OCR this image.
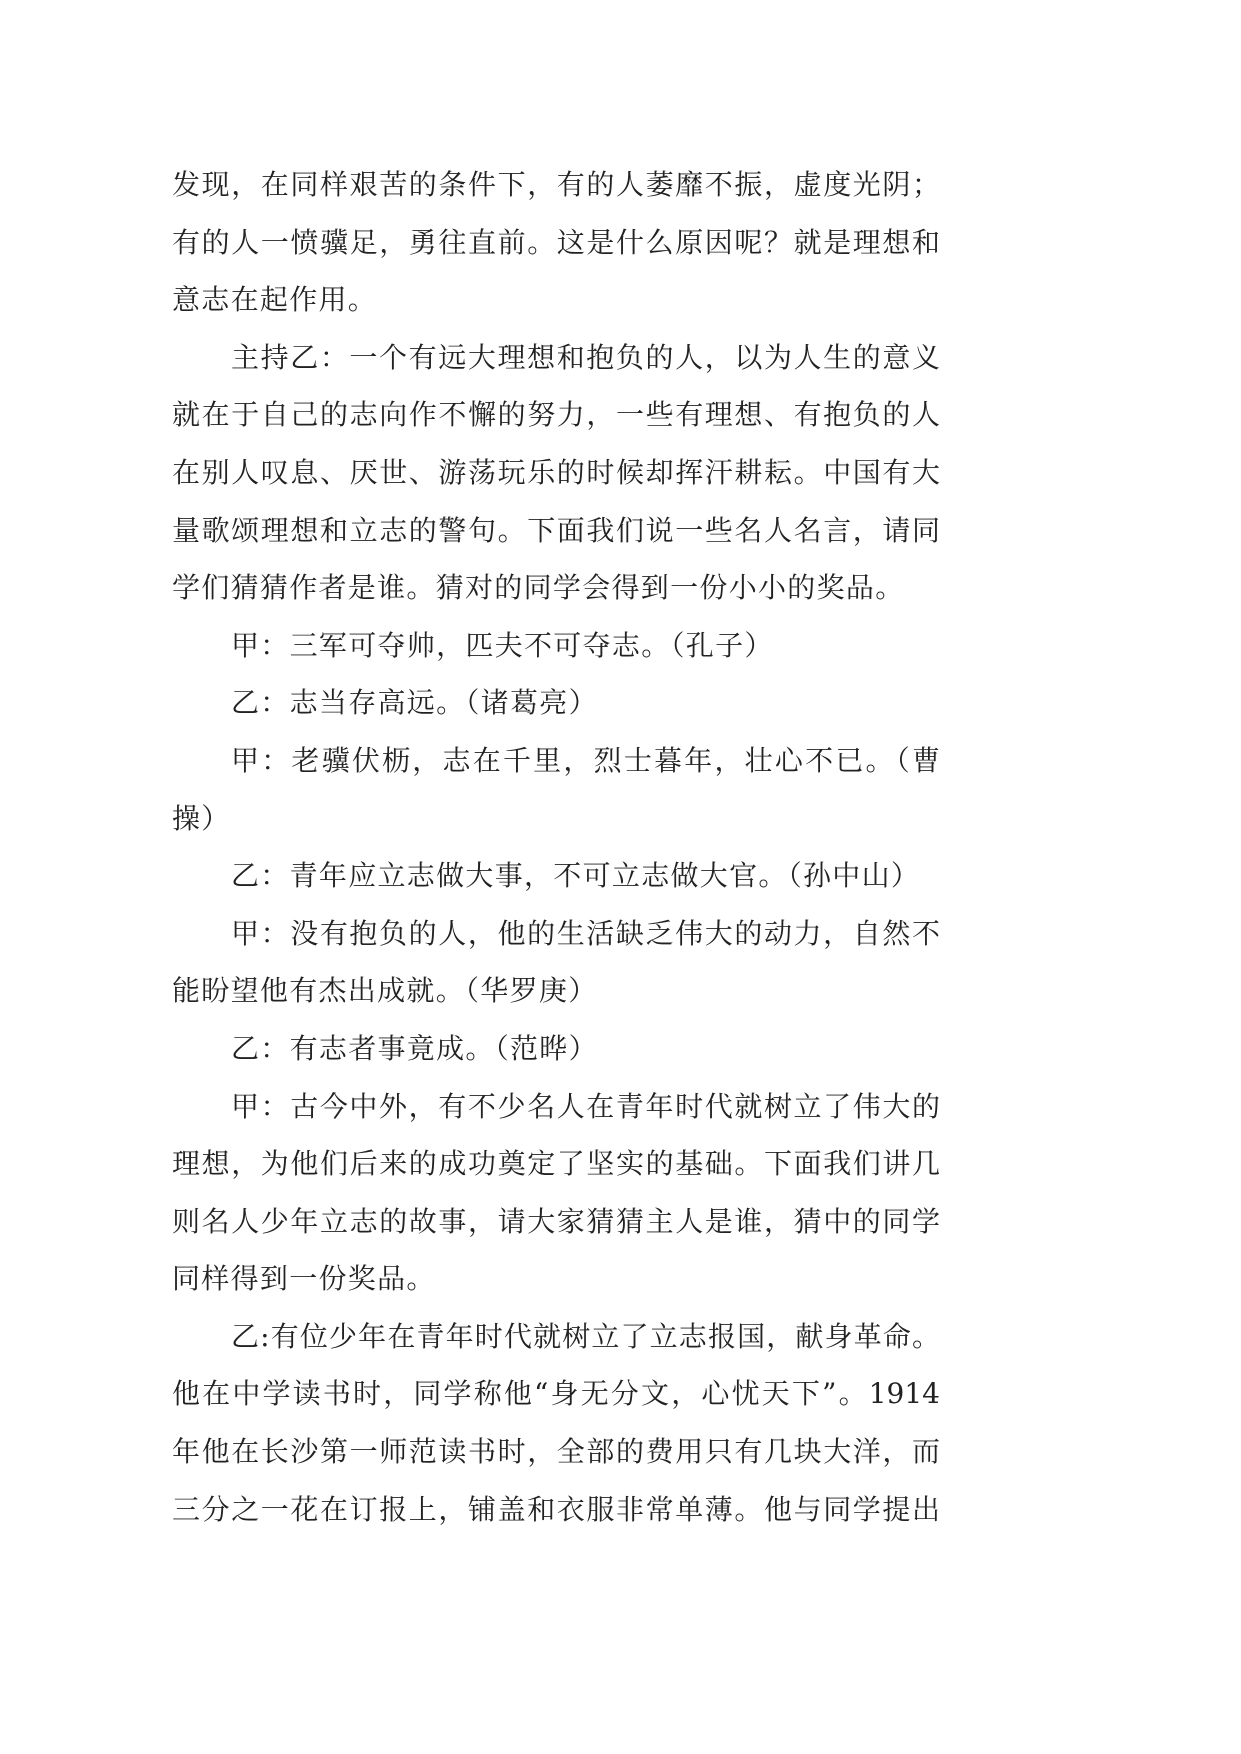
发现，在同样艰苦的条件下，有的人萎靡不振，虚度光阴；
有的人一愤骥足，勇往直前。这是什么原因呢？就是理想和
意志在起作用。
主持乙：一个有远大理想和抱负的人，以为人生的意义
就在于自己的志向作不懈的努力，一些有理想、有抱负的人
在别人叹息、厌世、游荡玩乐的时候却挥汗耕耘。中国有大
量歌颂理想和立志的警句。下面我们说一些名人名言，请同
学们猜猜作者是谁。猜对的同学会得到一份小小的奖品。
甲：三军可夺帅，匹夫不可夺志。（孔子）
乙：志当存高远。（诸葛亮）
甲：老骥伏枥，志在千里，烈士暮年，壮心不已。（曹
操）
乙：青年应立志做大事，不可立志做大官。（孙中山）
甲：没有抱负的人，他的生活缺乏伟大的动力，自然不
能盼望他有杰出成就。（华罗庚）
乙：有志者事竟成。（范晔）
甲：古今中外，有不少名人在青年时代就树立了伟大的
理想，为他们后来的成功奠定了坚实的基础。下面我们讲几
则名人少年立志的故事，请大家猜猜主人是谁，猜中的同学
同样得到一份奖品。
乙:有位少年在青年时代就树立了立志报国，献身革命。
他在中学读书时，同学称他“身无分文，心忧天下”。1914
年他在长沙第一师范读书时，全部的费用只有几块大洋，而
三分之一花在订报上，铺盖和衣服非常单薄。他与同学提出
